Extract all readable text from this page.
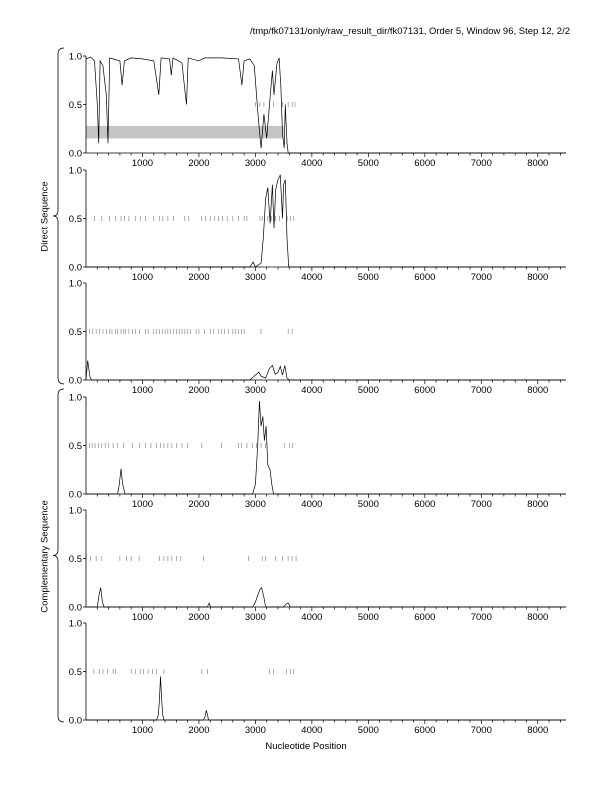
/tmp/fk07131/only/raw_result_dir/fk07131, Order 5, Window 96, Step 12, 2/2
0.0
0.5
1.0
1000	2000	3000	4000	5000	6000	7000	8000
0.0
0.5
1.0
1000	2000	3000	4000	5000	6000	7000	8000
0.0
0.5
1.0
1000	2000	3000	4000	5000	6000	7000	8000
0.0
0.5
1.0
1000	2000	3000	4000	5000	6000	7000	8000
0.0
0.5
1.0
1000	2000	3000	4000	5000	6000	7000	8000
0.0
0.5
1.0
1000	2000	3000	4000	5000	6000	7000	8000
Direct Sequence
Complementary Sequence
Nucleotide Position
